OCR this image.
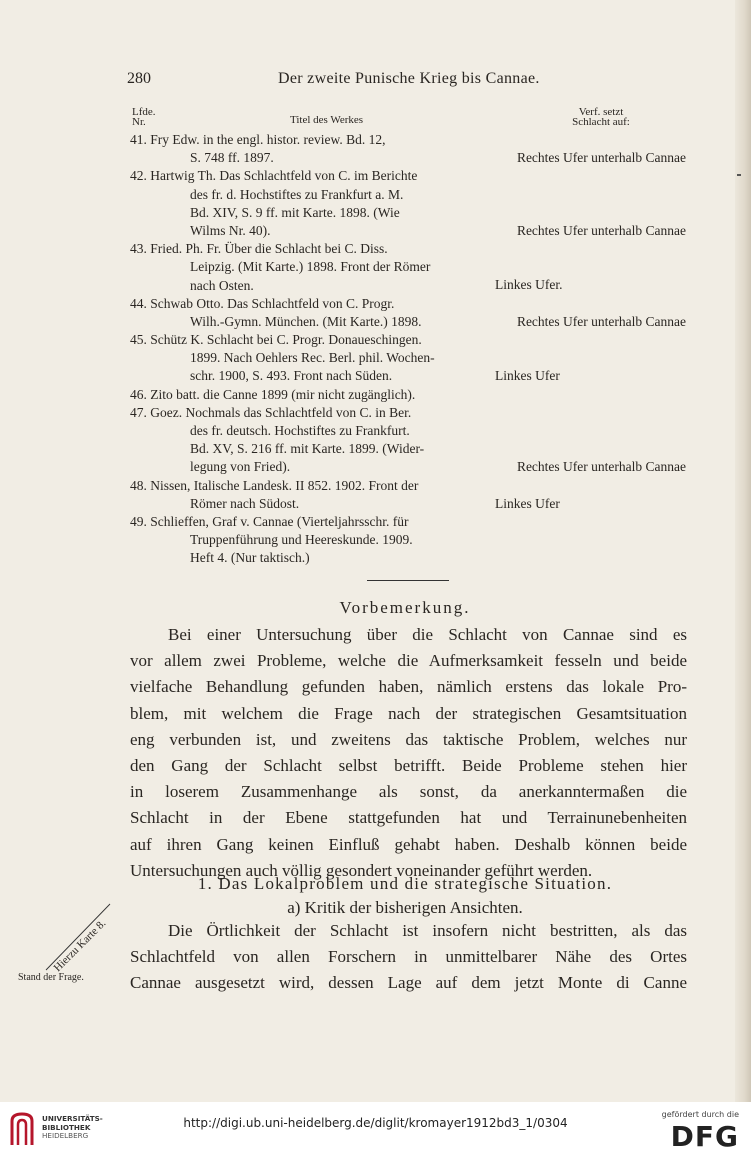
280	Der zweite Punische Krieg bis Cannae.
Lfde.
Nr.	Titel des Werkes
Verf. setzt
Schlacht auf:
41. Fry Edw. in the engl. histor. review. Bd. 12,
S. 748 ff. 1897.	Rechtes Ufer unterhalb Cannae
42. Hartwig Th. Das Schlachtfeld von C. im Berichte
des fr. d. Hochstiftes zu Frankfurt a. M.
Bd. XIV, S. 9 ff. mit Karte. 1898. (Wie
Wilms Nr. 40).	Rechtes Ufer unterhalb Cannae
43. Fried. Ph. Fr. Über die Schlacht bei C. Diss.
Leipzig. (Mit Karte.) 1898. Front der Römer
nach Osten.	Linkes Ufer.
44. Schwab Otto. Das Schlachtfeld von C. Progr.
Wilh.-Gymn. München. (Mit Karte.) 1898.	Rechtes Ufer unterhalb Cannae
45. Schütz K. Schlacht bei C. Progr. Donaueschingen.
1899. Nach Oehlers Rec. Berl. phil. Wochen-
schr. 1900, S. 493. Front nach Süden.	Linkes Ufer
46. Zito batt. die Canne 1899 (mir nicht zugänglich).
47. Goez. Nochmals das Schlachtfeld von C. in Ber.
des fr. deutsch. Hochstiftes zu Frankfurt.
Bd. XV, S. 216 ff. mit Karte. 1899. (Wider-
legung von Fried).	Rechtes Ufer unterhalb Cannae
48. Nissen, Italische Landesk. II 852. 1902. Front der
Römer nach Südost.	Linkes Ufer
49. Schlieffen, Graf v. Cannae (Vierteljahrsschr. für
Truppenführung und Heereskunde. 1909.
Heft 4. (Nur taktisch.)
Vorbemerkung.
Bei einer Untersuchung über die Schlacht von Cannae sind es
vor allem zwei Probleme, welche die Aufmerksamkeit fesseln und beide
vielfache Behandlung gefunden haben, nämlich erstens das lokale Pro-
blem, mit welchem die Frage nach der strategischen Gesamtsituation
eng verbunden ist, und zweitens das taktische Problem, welches nur
den Gang der Schlacht selbst betrifft. Beide Probleme stehen hier
in loserem Zusammenhange als sonst, da anerkanntermaßen die
Schlacht in der Ebene stattgefunden hat und Terrainunebenheiten
auf ihren Gang keinen Einfluß gehabt haben. Deshalb können beide
Untersuchungen auch völlig gesondert voneinander geführt werden.
1. Das Lokalproblem und die strategische Situation.
a) Kritik der bisherigen Ansichten.
Die Örtlichkeit der Schlacht ist insofern nicht bestritten, als das
Schlachtfeld von allen Forschern in unmittelbarer Nähe des Ortes
Cannae ausgesetzt wird, dessen Lage auf dem jetzt Monte di Canne
Hierzu Karte 8.
Stand der Frage.
UNIVERSITÄTS-
BIBLIOTHEK
HEIDELBERG
http://digi.ub.uni-heidelberg.de/diglit/kromayer1912bd3_1/0304
gefördert durch die
DFG
